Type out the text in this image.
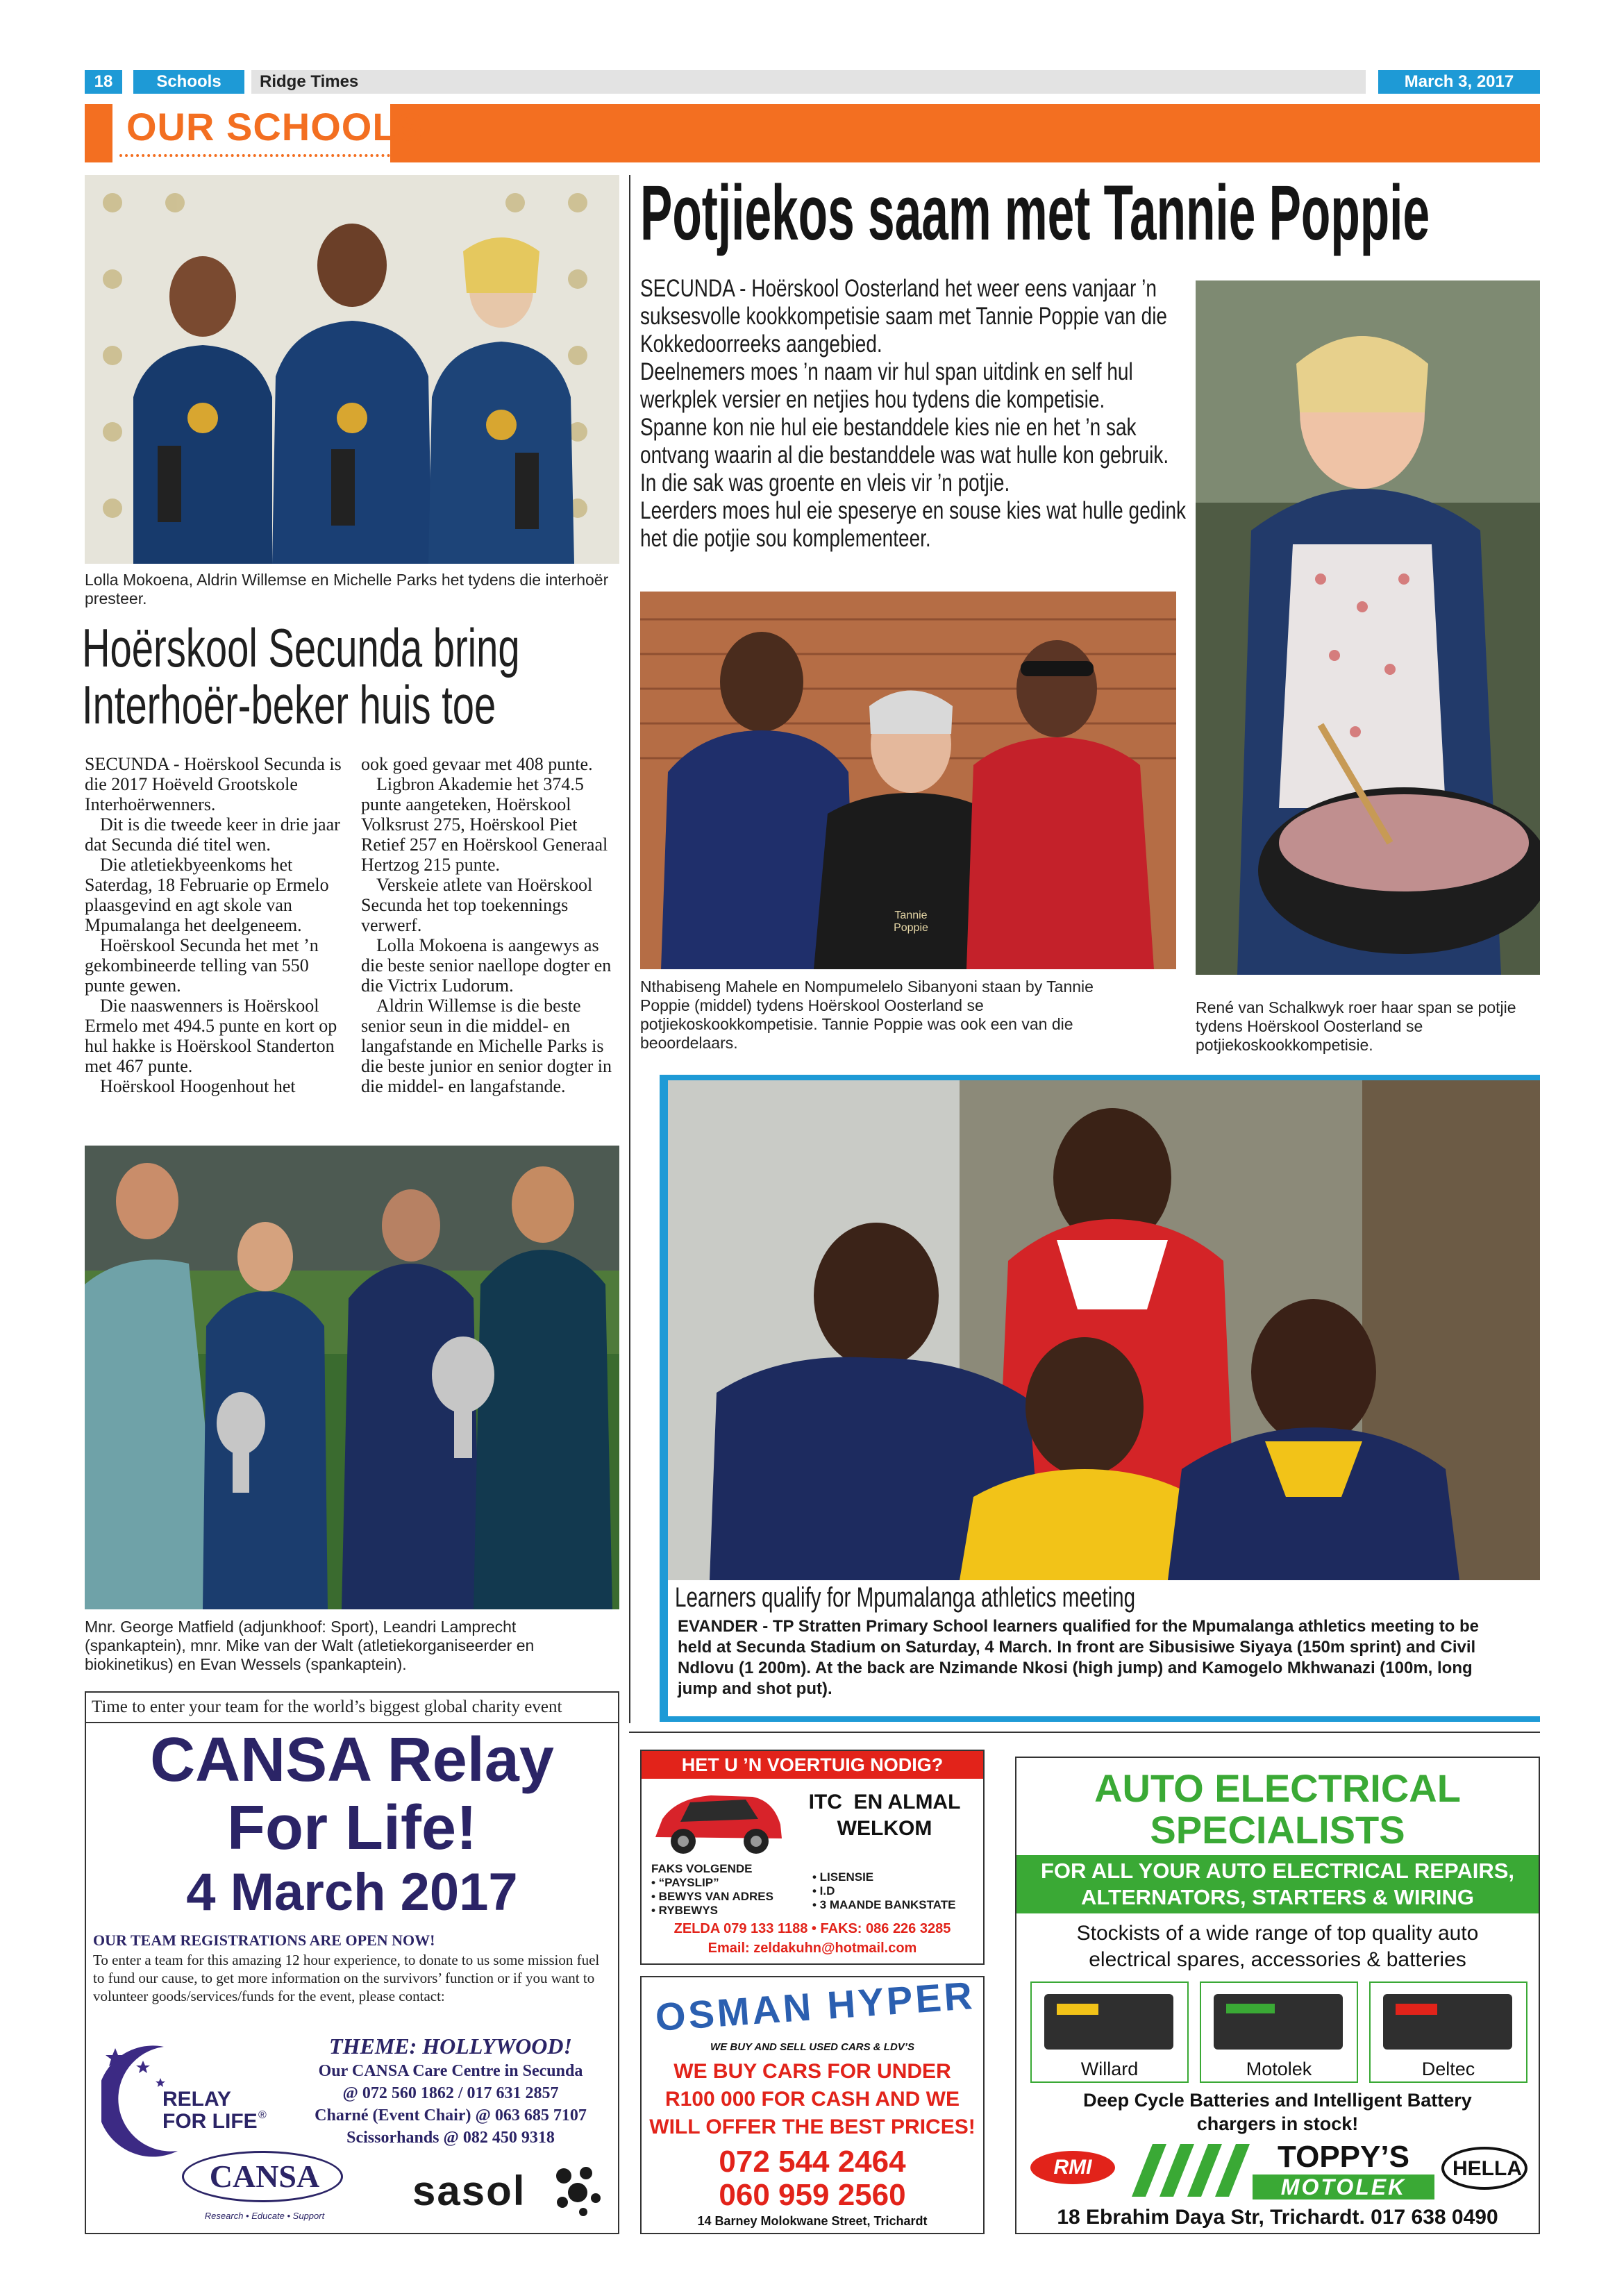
18	Schools	Ridge Times	March 3, 2017
OUR SCHOOLS
Lolla Mokoena, Aldrin Willemse en Michelle Parks het tydens die interhoër presteer.
Hoërskool Secunda bring
Interhoër-beker huis toe

SECUNDA - Hoërskool Secunda is die 2017 Hoëveld Grootskole Interhoërwenners.

Dit is die tweede keer in drie jaar dat Secunda dié titel wen.

Die atletiekbyeenkoms het Saterdag, 18 Februarie op Ermelo plaasgevind en agt skole van Mpumalanga het deelgeneem.

Hoërskool Secunda het met ’n gekombineerde telling van 550 punte gewen.

Die naaswenners is Hoërskool Ermelo met 494.5 punte en kort op hul hakke is Hoërskool Standerton met 467 punte.

Hoërskool Hoogenhout het

ook goed gevaar met 408 punte.

Ligbron Akademie het 374.5 punte aangeteken, Hoërskool Volksrust 275, Hoërskool Piet Retief 257 en Hoërskool Generaal Hertzog 215 punte.

Verskeie atlete van Hoërskool Secunda het top toekennings verwerf.

Lolla Mokoena is aangewys as die beste senior naellope dogter en die Victrix Ludorum.

Aldrin Willemse is die beste senior seun in die middel- en langafstande en Michelle Parks is die beste junior en senior dogter in die middel- en langafstande.

Mnr. George Matfield (adjunkhoof: Sport), Leandri Lamprecht (spankaptein), mnr. Mike van der Walt (atletiekorganiseerder en biokinetikus) en Evan Wessels (spankaptein).
Potjiekos saam met Tannie Poppie
SECUNDA - Hoërskool Oosterland het weer eens vanjaar ’n suksesvolle kookkompetisie saam met Tannie Poppie van die Kokkedoorreeks aangebied.
Deelnemers moes ’n naam vir hul span uitdink en self hul werkplek versier en netjies hou tydens die kompetisie.
Spanne kon nie hul eie bestanddele kies nie en het ’n sak ontvang waarin al die bestanddele was wat hulle kon gebruik.
In die sak was groente en vleis vir ’n potjie.
Leerders moes hul eie speserye en souse kies wat hulle gedink het die potjie sou komplementeer.
Tannie Poppie
Nthabiseng Mahele en Nompumelelo Sibanyoni staan by Tannie Poppie (middel) tydens Hoërskool Oosterland se potjiekoskookkompetisie. Tannie Poppie was ook een van die beoordelaars.
René van Schalkwyk roer haar span se potjie tydens Hoërskool Oosterland se potjiekoskookkompetisie.
Learners qualify for Mpumalanga athletics meeting
EVANDER - TP Stratten Primary School learners qualified for the Mpumalanga athletics meeting to be held at Secunda Stadium on Saturday, 4 March. In front are Sibusisiwe Siyaya (150m sprint) and Civil Ndlovu (1 200m). At the back are Nzimande Nkosi (high jump) and Kamogelo Mkhwanazi (100m, long jump and shot put).
Time to enter your team for the world’s biggest global charity event
CANSA Relay
For Life!
4 March 2017
OUR TEAM REGISTRATIONS ARE OPEN NOW!
To enter a team for this amazing 12 hour experience, to donate to us some mission fuel to fund our cause, to get more information on the survivors’ function or if you want to volunteer goods/services/funds for the event, please contact:
THEME: HOLLYWOOD!
Our CANSA Care Centre in Secunda
@ 072 560 1862 / 017 631 2857
Charné (Event Chair) @ 063 685 7107
Scissorhands @ 082 450 9318
RELAY
FOR LIFE ®
CANSA
Research • Educate • Support
sasol
HET U ’N VOERTUIG NODIG?
ITC  EN ALMAL
WELKOM
FAKS VOLGENDE
• “PAYSLIP”
• BEWYS VAN ADRES
• RYBEWYS
• LISENSIE
• I.D
• 3 MAANDE BANKSTATE
ZELDA 079 133 1188 • FAKS: 086 226 3285
Email: zeldakuhn@hotmail.com
OSMAN HYPER
WE BUY AND SELL USED CARS & LDV’S
WE BUY CARS FOR UNDER
R100 000 FOR CASH AND WE
WILL OFFER THE BEST PRICES!
072 544 2464
060 959 2560
14 Barney Molokwane Street, Trichardt
AUTO ELECTRICAL
SPECIALISTS
FOR ALL YOUR AUTO ELECTRICAL REPAIRS,
ALTERNATORS, STARTERS & WIRING
Stockists of a wide range of top quality auto
electrical spares, accessories & batteries
Willard	Motolek	Deltec
Deep Cycle Batteries and Intelligent Battery
chargers in stock!
RMI	TOPPY’S
MOTOLEK
HELLA
18 Ebrahim Daya Str, Trichardt. 017 638 0490
